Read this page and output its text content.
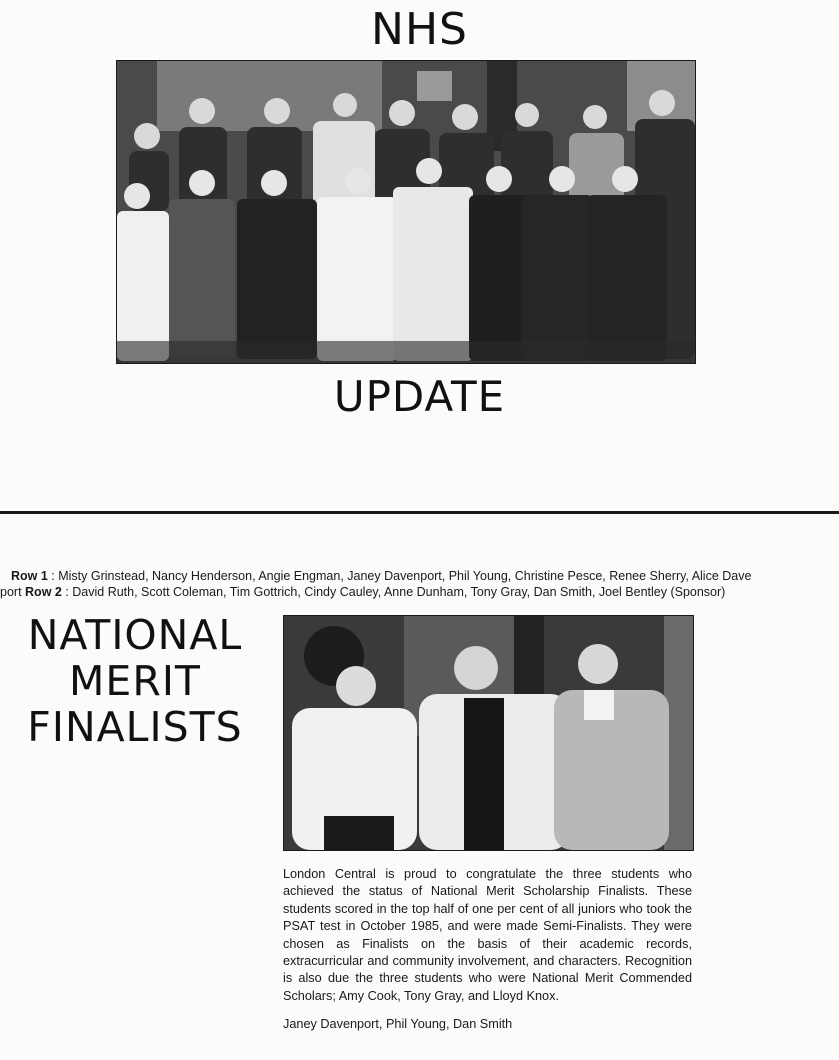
NHS
UPDATE
Row 1 : Misty Grinstead, Nancy Henderson, Angie Engman, Janey Davenport, Phil Young, Christine Pesce, Renee Sherry, Alice Dave
port Row 2 : David Ruth, Scott Coleman, Tim Gottrich, Cindy Cauley, Anne Dunham, Tony Gray, Dan Smith, Joel Bentley (Sponsor)
NATIONAL
MERIT
FINALISTS

London Central is proud to congratulate the three students who achieved the status of National Merit Scholarship Finalists. These students scored in the top half of one per cent of all juniors who took the PSAT test in October 1985, and were made Semi-Finalists. They were chosen as Finalists on the basis of their academic records, extracurricular and community involvement, and characters. Recognition is also due the three students who were National Merit Commended Scholars; Amy Cook, Tony Gray, and Lloyd Knox.

Janey Davenport, Phil Young, Dan Smith
